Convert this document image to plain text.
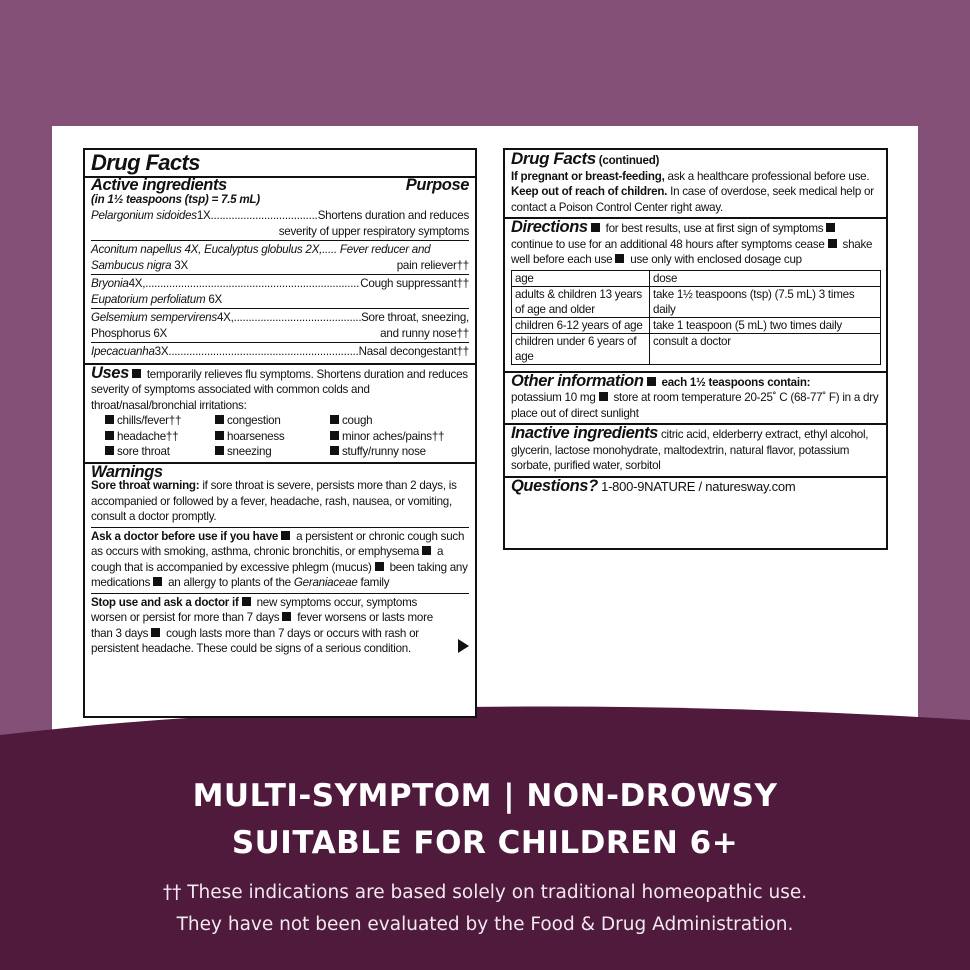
Drug Facts
Active ingredients	Purpose
(in 1½ teaspoons (tsp) = 7.5 mL)
Pelargonium sidoides 1X .....	Shortens duration and reduces
severity of upper respiratory symptoms
Aconitum napellus 4X, Eucalyptus globulus 2X,..... Fever reducer and
Sambucus nigra 3X	pain reliever††
Bryonia 4X, .....	Cough suppressant††
Eupatorium perfoliatum 6X
Gelsemium sempervirens 4X, .....	Sore throat, sneezing,
Phosphorus 6X	and runny nose††
Ipecacuanha 3X .....	Nasal decongestant††
Uses  temporarily relieves flu symptoms. Shortens duration and reduces severity of symptoms associated with common colds and throat/nasal/bronchial irritations:
chills/fever††	congestion	cough
headache††	hoarseness	minor aches/pains††
sore throat	sneezing	stuffy/runny nose
Warnings
Sore throat warning: if sore throat is severe, persists more than 2 days, is accompanied or followed by a fever, headache, rash, nausea, or vomiting, consult a doctor promptly.
Ask a doctor before use if you have  a persistent or chronic cough such as occurs with smoking, asthma, chronic bronchitis, or emphysema  a cough that is accompanied by excessive phlegm (mucus)  been taking any medications  an allergy to plants of the Geraniaceae family
Stop use and ask a doctor if  new symptoms occur, symptoms worsen or persist for more than 7 days  fever worsens or lasts more than 3 days  cough lasts more than 7 days or occurs with rash or persistent headache. These could be signs of a serious condition.
Drug Facts (continued)
If pregnant or breast-feeding, ask a healthcare professional before use. Keep out of reach of children. In case of overdose, seek medical help or contact a Poison Control Center right away.
Directions  for best results, use at first sign of symptoms  continue to use for an additional 48 hours after symptoms cease  shake well before each use  use only with enclosed dosage cup
age	dose
adults & children 13 years of age and older	take 1½ teaspoons (tsp) (7.5 mL) 3 times daily
children 6-12 years of age	take 1 teaspoon (5 mL) two times daily
children under 6 years of age	consult a doctor
Other information  each 1½ teaspoons contain:
potassium 10 mg  store at room temperature 20-25˚ C (68-77˚ F) in a dry place out of direct sunlight
Inactive ingredients citric acid, elderberry extract, ethyl alcohol, glycerin, lactose monohydrate, maltodextrin, natural flavor, potassium sorbate, purified water, sorbitol
Questions? 1-800-9NATURE / naturesway.com
MULTI-SYMPTOM | NON-DROWSY
SUITABLE FOR CHILDREN 6+
†† These indications are based solely on traditional homeopathic use.
They have not been evaluated by the Food & Drug Administration.
